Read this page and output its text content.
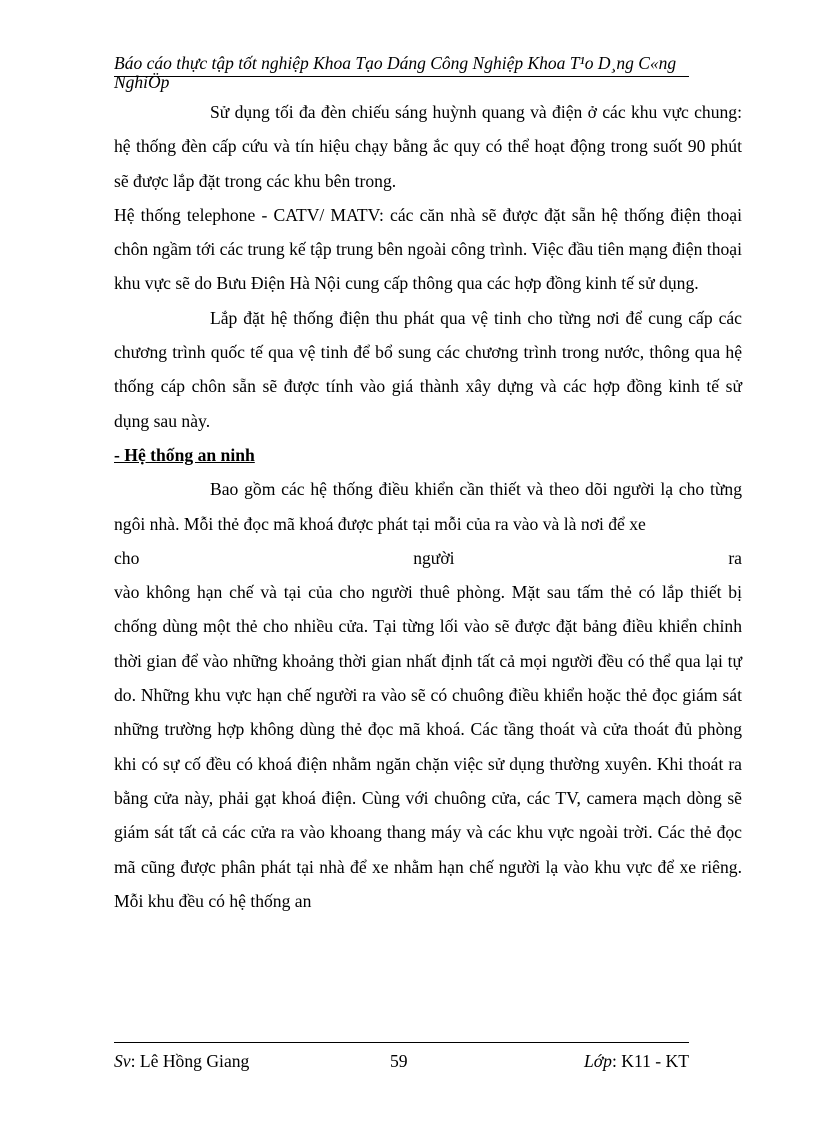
Báo cáo thực tập tốt nghiệp Khoa Tạo Dáng Công Nghiệp Khoa T¹o D¸ng C«ng NghiÖp

Sử dụng tối đa đèn chiếu sáng huỳnh quang và điện ở các khu vực chung: hệ thống đèn cấp cứu và tín hiệu chạy bằng ắc quy có thể hoạt động trong suốt 90 phút sẽ được lắp đặt trong các khu bên trong.

Hệ thống telephone - CATV/ MATV: các căn nhà sẽ được đặt sẵn hệ thống điện thoại chôn ngầm tới các trung kế tập trung bên ngoài công trình. Việc đầu tiên mạng điện thoại khu vực sẽ do Bưu Điện Hà Nội cung cấp thông qua các hợp đồng kinh tế sử dụng.

Lắp đặt hệ thống điện thu phát qua vệ tinh cho từng nơi để cung cấp các chương trình quốc tế qua vệ tinh để bổ sung các chương trình trong nước, thông qua hệ thống cáp chôn sẵn sẽ được tính vào giá thành xây dựng và các hợp đồng kinh tế sử dụng sau này.

- Hệ thống an ninh

Bao gồm các hệ thống điều khiển cần thiết và theo dõi người lạ cho từng ngôi nhà. Mỗi thẻ đọc mã khoá được phát tại mỗi của ra vào và là nơi để xe

cho	người	ra

vào không hạn chế và tại của cho người thuê phòng. Mặt sau tấm thẻ có lắp thiết bị chống dùng một thẻ cho nhiều cửa. Tại từng lối vào sẽ được đặt bảng điều khiển chỉnh thời gian để vào những khoảng thời gian nhất định tất cả mọi người đều có thể qua lại tự do. Những khu vực hạn chế người ra vào sẽ có chuông điều khiển hoặc thẻ đọc giám sát những trường hợp không dùng thẻ đọc mã khoá. Các tầng thoát và cửa thoát đủ phòng khi có sự cố đều có khoá điện nhằm ngăn chặn việc sử dụng thường xuyên. Khi thoát ra bằng cửa này, phải gạt khoá điện. Cùng với chuông cửa, các TV, camera mạch dòng sẽ giám sát tất cả các cửa ra vào khoang thang máy và các khu vực ngoài trời. Các thẻ đọc mã cũng được phân phát tại nhà để xe nhằm hạn chế người lạ vào khu vực để xe riêng. Mỗi khu đều có hệ thống an

Sv: Lê Hồng Giang	59	Lớp: K11 - KT
